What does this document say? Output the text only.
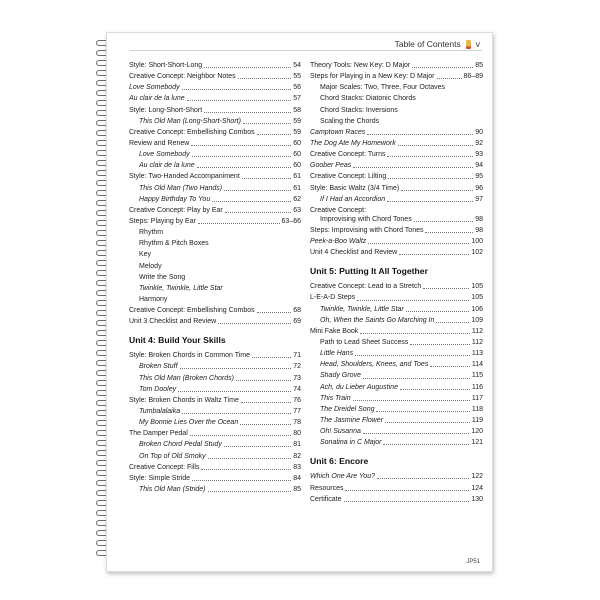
Table of Contents v
Style: Short-Short-Long	54
Creative Concept: Neighbor Notes	55
Love Somebody	56
Au clair de la lune	57
Style: Long-Short-Short	58
This Old Man (Long-Short-Short)	59
Creative Concept: Embellishing Combos	59
Review and Renew	60
Love Somebody	60
Au clair de la lune	60
Style: Two-Handed Accompaniment	61
This Old Man (Two Hands)	61
Happy Birthday To You	62
Creative Concept: Play by Ear	63
Steps: Playing by Ear	63–66
Rhythm
Rhythm & Pitch Boxes
Key
Melody
Write the Song
Twinkle, Twinkle, Little Star
Harmony
Creative Concept: Embellishing Combos	68
Unit 3 Checklist and Review	69
Unit 4: Build Your Skills
Style: Broken Chords in Common Time	71
Broken Stuff	72
This Old Man (Broken Chords)	73
Tom Dooley	74
Style: Broken Chords in Waltz Time	76
Tumbalalaika	77
My Bonnie Lies Over the Ocean	78
The Damper Pedal	80
Broken Chord Pedal Study	81
On Top of Old Smoky	82
Creative Concept: Fills	83
Style: Simple Stride	84
This Old Man (Stride)	85
Theory Tools: New Key: D Major	85
Steps for Playing in a New Key: D Major	86–89
Major Scales: Two, Three, Four Octaves
Chord Stacks: Diatonic Chords
Chord Stacks: Inversions
Scaling the Chords
Camptown Races	90
The Dog Ate My Homework	92
Creative Concept: Turns	93
Goober Peas	94
Creative Concept: Lilting	95
Style: Basic Waltz (3/4 Time)	96
If I Had an Accordion	97
Creative Concept:
Improvising with Chord Tones	98
Steps: Improvising with Chord Tones	98
Peek-a-Boo Waltz	100
Unit 4 Checklist and Review	102
Unit 5: Putting It All Together
Creative Concept: Lead to a Stretch	105
L-E-A-D Steps	105
Twinkle, Twinkle, Little Star	106
Oh, When the Saints Go Marching In	109
Mini Fake Book	112
Path to Lead Sheet Success	112
Little Hans	113
Head, Shoulders, Knees, and Toes	114
Shady Grove	115
Ach, du Lieber Augustine	116
This Train	117
The Dreidel Song	118
The Jasmine Flower	119
Oh! Susanna	120
Sonatina in C Major	121
Unit 6: Encore
Which One Are You?	122
Resources	124
Certificate	130
JP51
